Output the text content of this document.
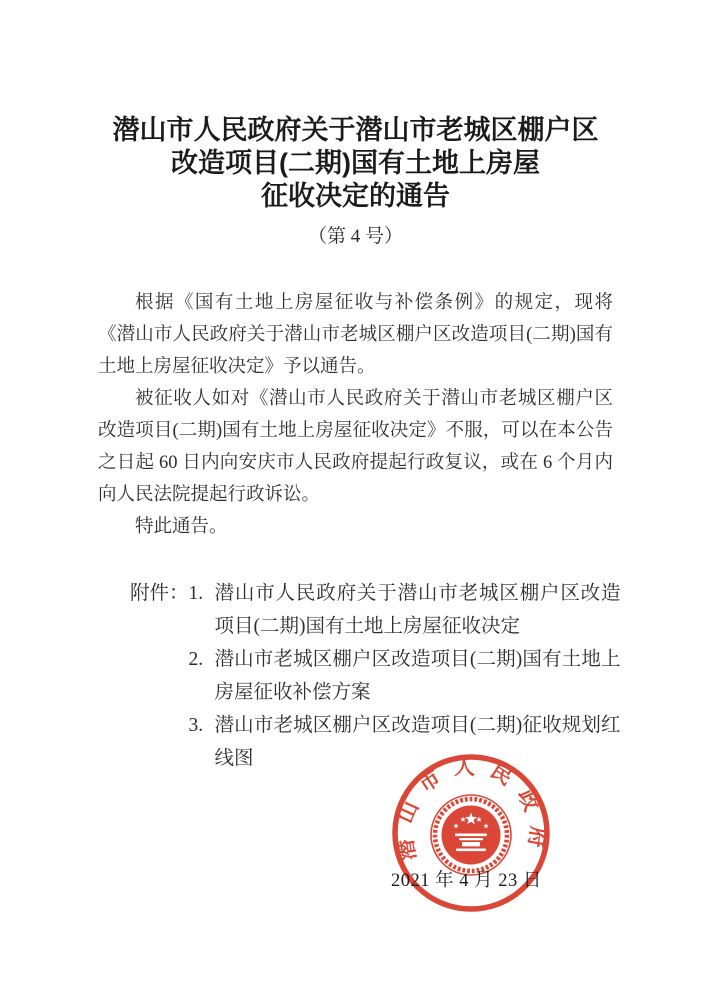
潜山市人民政府关于潜山市老城区棚户区
改造项目(二期)国有土地上房屋
征收决定的通告
（第 4 号）

根据《国有土地上房屋征收与补偿条例》的规定，现将《潜山市人民政府关于潜山市老城区棚户区改造项目(二期)国有土地上房屋征收决定》予以通告。

被征收人如对《潜山市人民政府关于潜山市老城区棚户区改造项目(二期)国有土地上房屋征收决定》不服，可以在本公告之日起 60 日内向安庆市人民政府提起行政复议，或在 6 个月内向人民法院提起行政诉讼。

特此通告。

附件： 1. 潜山市人民政府关于潜山市老城区棚户区改造项目(二期)国有土地上房屋征收决定
2. 潜山市老城区棚户区改造项目(二期)国有土地上房屋征收补偿方案
3. 潜山市老城区棚户区改造项目(二期)征收规划红线图
潜山市人民政府
2021 年 4 月 23 日
